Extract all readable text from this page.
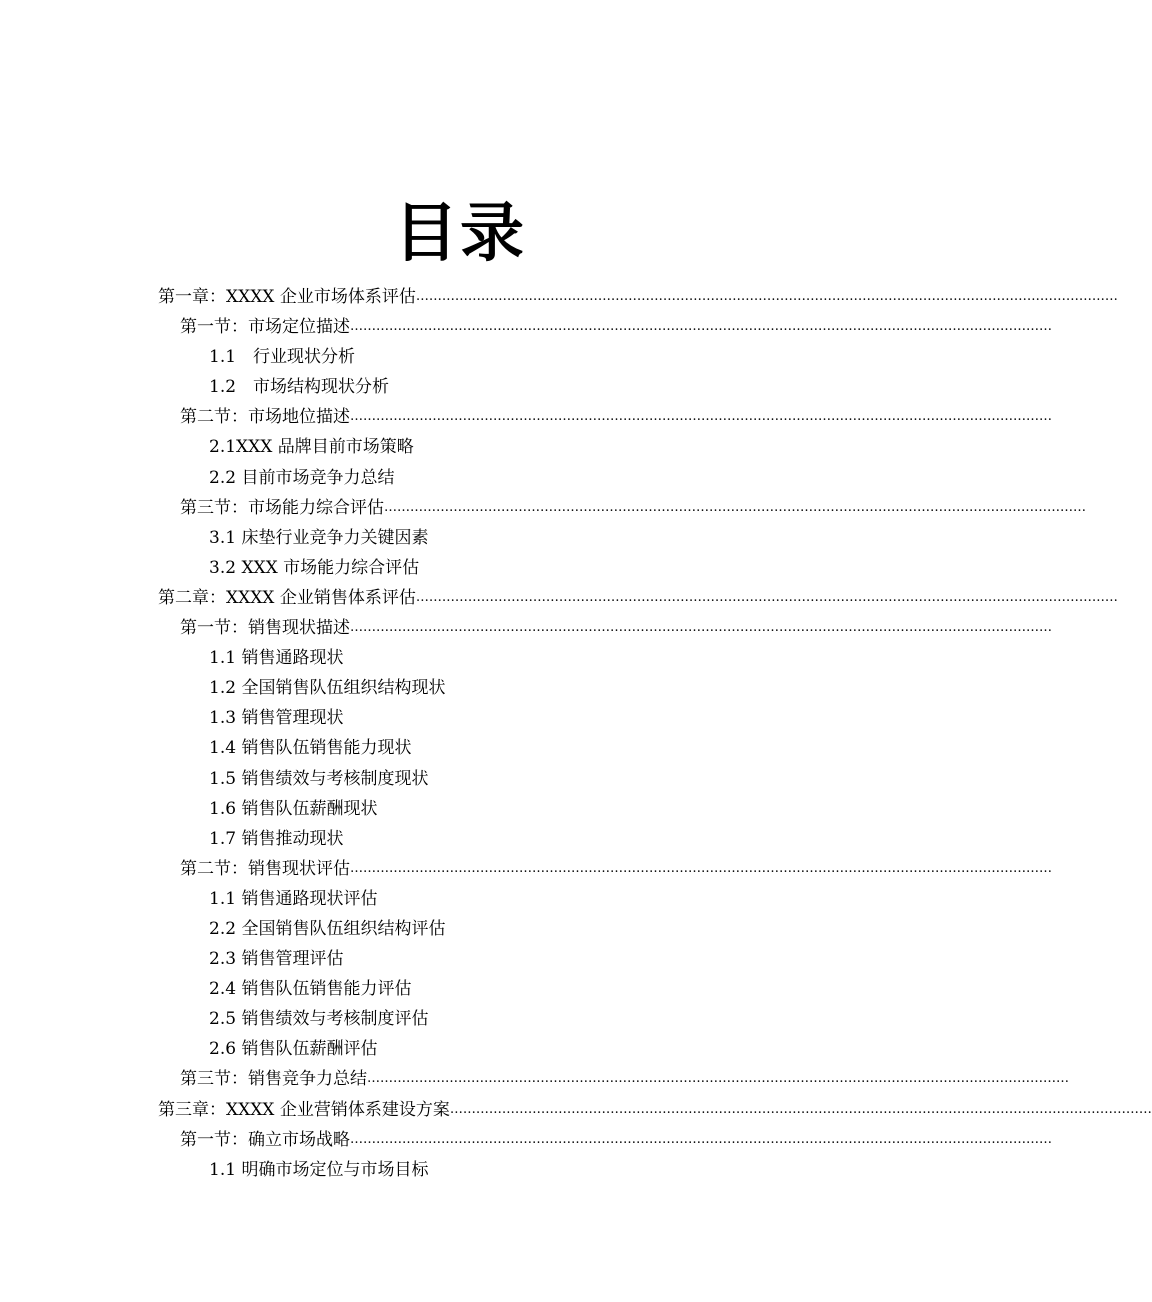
目录
第一章：XXXX 企业市场体系评估………………………………………………………………………………………………………………………………………………
第一节：市场定位描述………………………………………………………………………………………………………………………………………………
1.1　行业现状分析
1.2　市场结构现状分析
第二节：市场地位描述………………………………………………………………………………………………………………………………………………
2.1XXX 品牌目前市场策略
2.2 目前市场竞争力总结
第三节：市场能力综合评估………………………………………………………………………………………………………………………………………………
3.1 床垫行业竞争力关键因素
3.2 XXX 市场能力综合评估
第二章：XXXX 企业销售体系评估………………………………………………………………………………………………………………………………………………
第一节：销售现状描述………………………………………………………………………………………………………………………………………………
1.1 销售通路现状
1.2 全国销售队伍组织结构现状
1.3 销售管理现状
1.4 销售队伍销售能力现状
1.5 销售绩效与考核制度现状
1.6 销售队伍薪酬现状
1.7 销售推动现状
第二节：销售现状评估………………………………………………………………………………………………………………………………………………
1.1 销售通路现状评估
2.2 全国销售队伍组织结构评估
2.3 销售管理评估
2.4 销售队伍销售能力评估
2.5 销售绩效与考核制度评估
2.6 销售队伍薪酬评估
第三节：销售竞争力总结………………………………………………………………………………………………………………………………………………
第三章：XXXX 企业营销体系建设方案………………………………………………………………………………………………………………………………………………
第一节：确立市场战略………………………………………………………………………………………………………………………………………………
1.1 明确市场定位与市场目标
